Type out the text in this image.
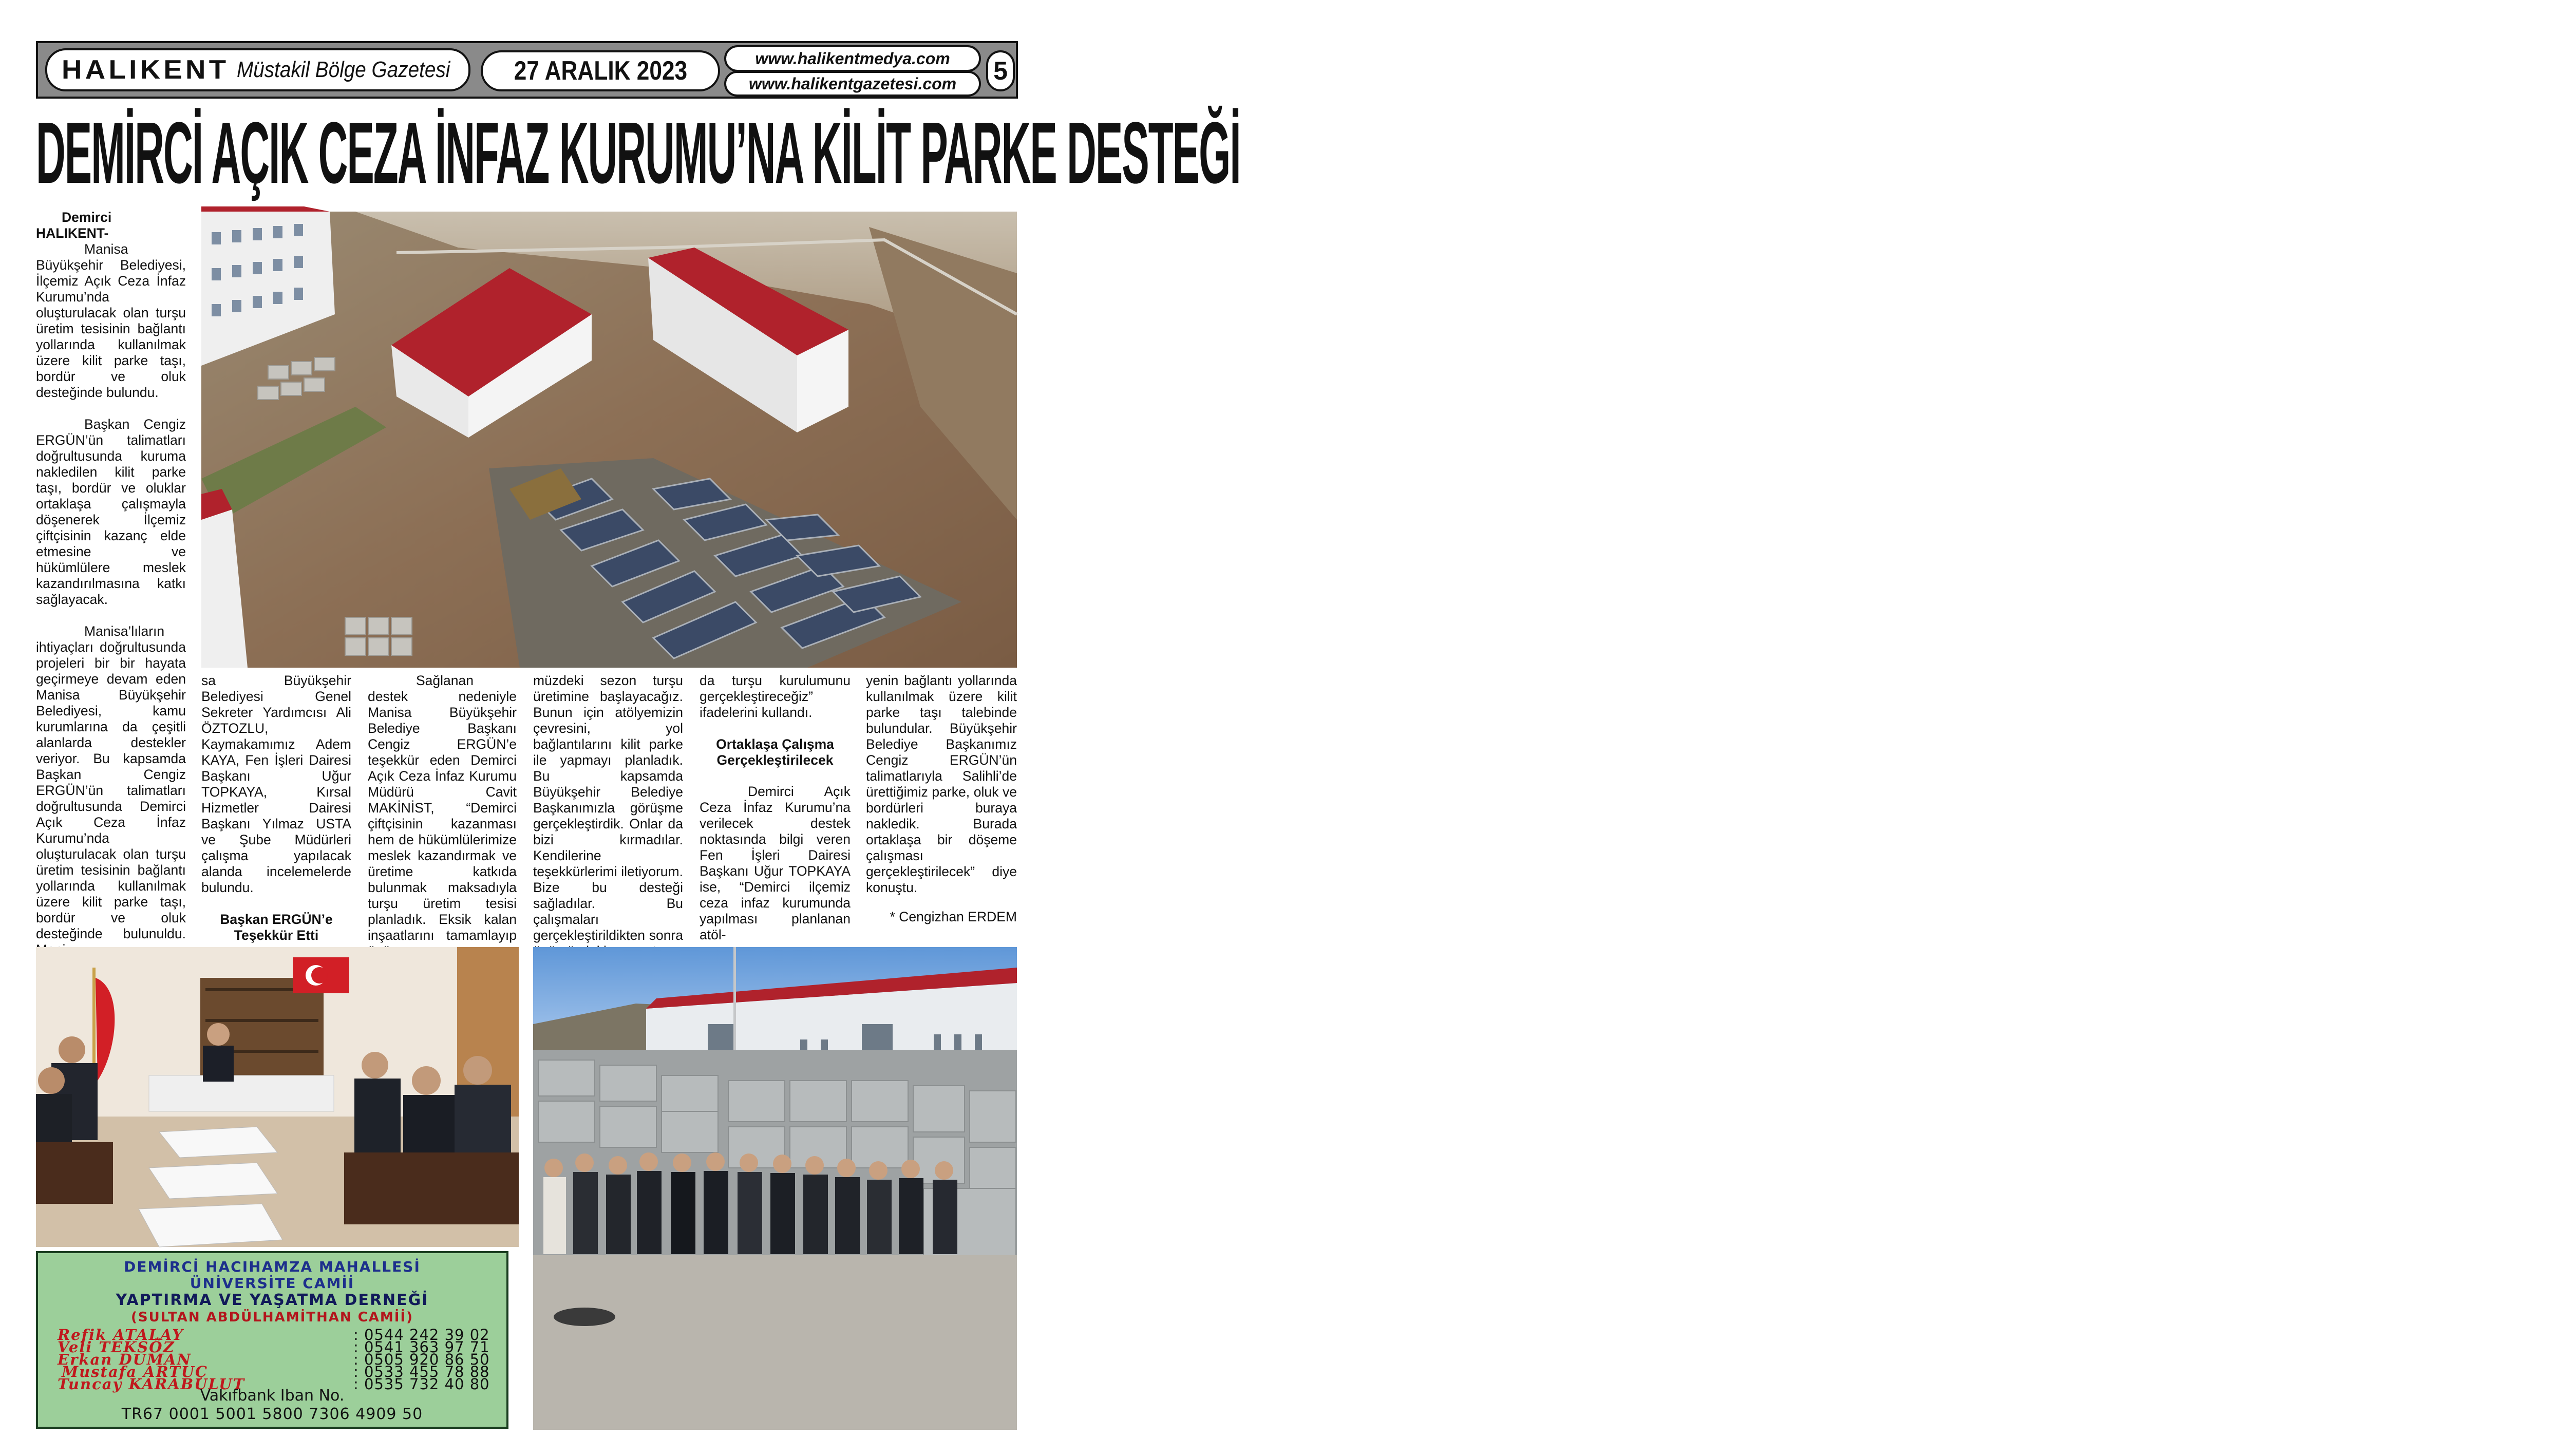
HALIKENT Müstakil Bölge Gazetesi 27 ARALIK 2023	www.halikentmedya.com
www.halikentgazetesi.com	5
DEMİRCİ AÇIK CEZA İNFAZ KURUMU’NA KİLİT PARKE DESTEĞİ
Demirci HALIKENT-

Manisa Büyükşehir Belediyesi, İlçemiz Açık Ceza İnfaz Kurumu’nda oluşturulacak olan turşu üretim tesisinin bağlantı yollarında kullanılmak üzere kilit parke taşı, bordür ve oluk desteğinde bulundu.

Başkan Cengiz ERGÜN’ün talimatları doğrultusunda kuruma nakledilen kilit parke taşı, bordür ve oluklar ortaklaşa çalışmayla döşenerek İlçemiz çiftçisinin kazanç elde etmesine ve hükümlülere meslek kazandırılmasına katkı sağlayacak.

Manisa’lıların ihtiyaçları doğrultusunda projeleri bir bir hayata geçirmeye devam eden Manisa Büyükşehir Belediyesi, kamu kurumlarına da çeşitli alanlarda destekler veriyor. Bu kapsamda Başkan Cengiz ERGÜN’ün talimatları doğrultusunda Demirci Açık Ceza İnfaz Kurumu’nda oluşturulacak olan turşu üretim tesisinin bağlantı yollarında kullanılmak üzere kilit parke taşı, bordür ve oluk desteğinde bulunuldu.

sa Büyükşehir Belediyesi Genel Sekreter Yardımcısı Ali ÖZTOZLU, Kaymakamımız Adem KAYA, Fen İşleri Dairesi Başkanı Uğur TOPKAYA, Kırsal Hizmetler Dairesi Başkanı Yılmaz USTA ve Şube Müdürleri çalışma yapılacak alanda incelemelerde bulundu.

Başkan ERGÜN’e Teşekkür Etti

Sağlanan destek nedeniyle Manisa Büyükşehir Belediye Başkanı Cengiz ERGÜN’e teşekkür eden Demirci Açık Ceza İnfaz Kurumu Müdürü Cavit MAKİNİST, “Demirci çiftçisinin kazanması hem de hükümlülerimize meslek kazandırmak ve üretime katkıda bulunmak maksadıyla turşu üretim tesisi planladık. Eksik kalan inşaatlarını tamamlayıp

müzdeki sezon turşu üretimine başlayacağız. Bunun için atölyemizin çevresini, yol bağlantılarını kilit parke ile yapmayı planladık. Bu kapsamda Büyükşehir Belediye Başkanımızla görüşme gerçekleştirdik. Onlar da bizi kırmadılar. Kendilerine teşekkürlerimi iletiyorum. Bize bu desteği sağladılar. Bu çalışmaları gerçekleştirildikten sonra

da turşu kurulumunu gerçekleştireceğiz” ifadelerini kullandı.

Ortaklaşa Çalışma Gerçekleştirilecek

Demirci Açık Ceza İnfaz Kurumu’na verilecek destek noktasında bilgi veren Fen İşleri Dairesi Başkanı Uğur TOPKAYA ise, “Demirci ilçemiz ceza infaz kurumunda yapılması planlanan atöl-

yenin bağlantı yollarında kullanılmak üzere kilit parke taşı talebinde bulundular. Büyükşehir Belediye Başkanımız Cengiz ERGÜN’ün talimatlarıyla Salihli’de ürettiğimiz parke, oluk ve bordürleri buraya nakledik. Burada ortaklaşa bir döşeme çalışması gerçekleştirilecek” diye konuştu.

* Cengizhan ERDEM
DEMİRCİ HACIHAMZA MAHALLESİ
ÜNİVERSİTE CAMİİ
YAPTIRMA VE YAŞATMA DERNEĞİ
(SULTAN ABDÜLHAMİTHAN CAMİİ)
Refik ATALAY	: 0544 242 39 02
Veli TEKSÖZ	: 0541 363 97 71
Erkan DUMAN	: 0505 920 86 50
Mustafa ARTUÇ	: 0533 455 78 88
Tuncay KARABULUT	: 0535 732 40 80
Vakıfbank Iban No.
TR67 0001 5001 5800 7306 4909 50
